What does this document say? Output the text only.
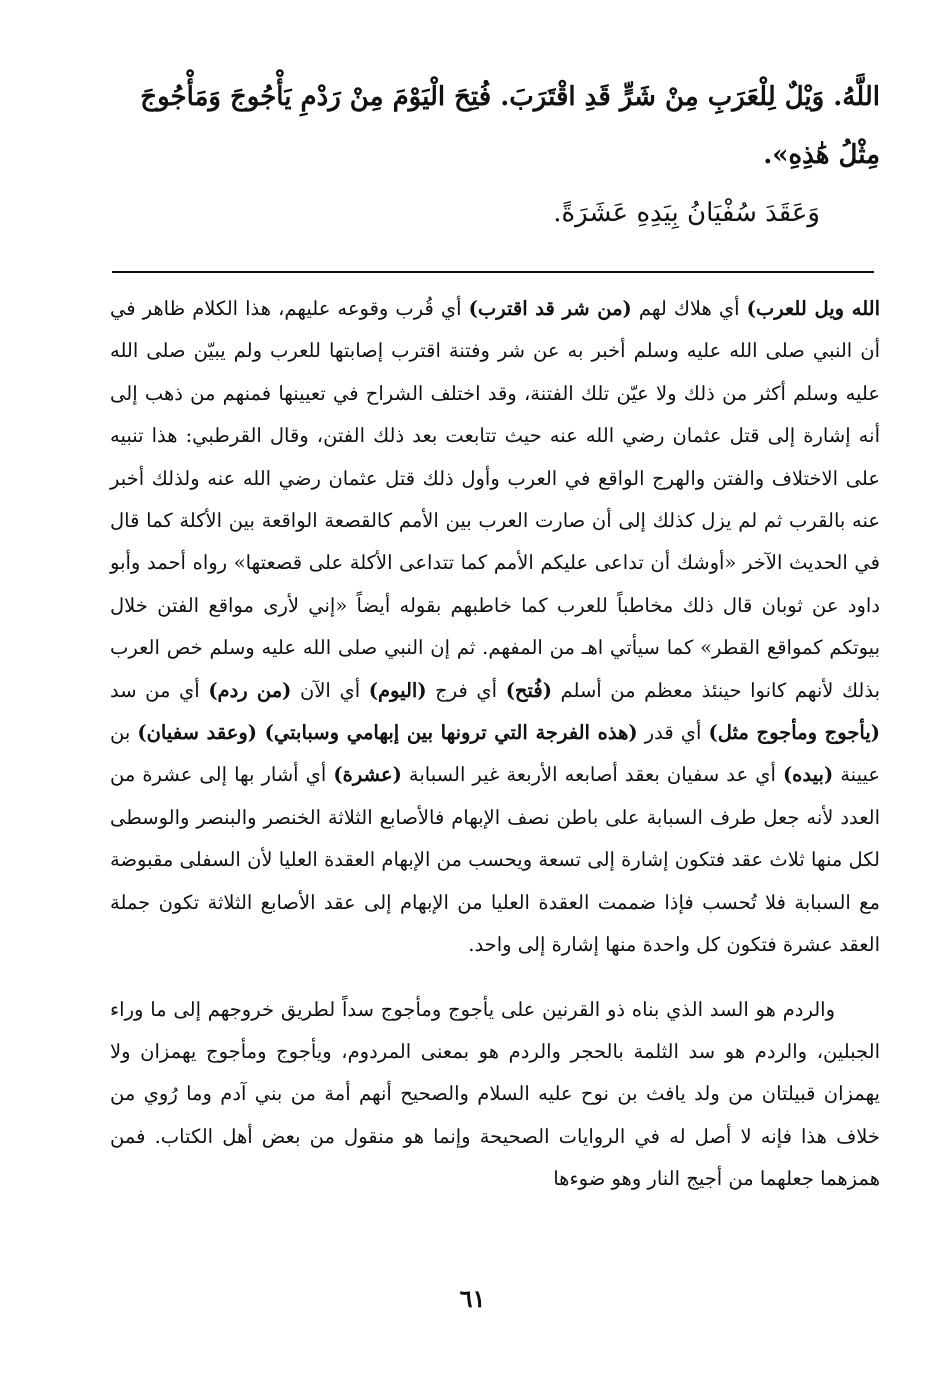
اللَّهُ. وَيْلٌ لِلْعَرَبِ مِنْ شَرٍّ قَدِ اقْتَرَبَ. فُتِحَ الْيَوْمَ مِنْ رَدْمِ يَأْجُوجَ وَمَأْجُوجَ مِثْلُ هَٰذِهِ».

وَعَقَدَ سُفْيَانُ بِيَدِهِ عَشَرَةً.

الله ويل للعرب) أي هلاك لهم (من شر قد اقترب) أي قُرب وقوعه عليهم، هذا الكلام ظاهر في أن النبي صلى الله عليه وسلم أخبر به عن شر وفتنة اقترب إصابتها للعرب ولم يبيّن صلى الله عليه وسلم أكثر من ذلك ولا عيّن تلك الفتنة، وقد اختلف الشراح في تعيينها فمنهم من ذهب إلى أنه إشارة إلى قتل عثمان رضي الله عنه حيث تتابعت بعد ذلك الفتن، وقال القرطبي: هذا تنبيه على الاختلاف والفتن والهرج الواقع في العرب وأول ذلك قتل عثمان رضي الله عنه ولذلك أخبر عنه بالقرب ثم لم يزل كذلك إلى أن صارت العرب بين الأمم كالقصعة الواقعة بين الأكلة كما قال في الحديث الآخر «أوشك أن تداعى عليكم الأمم كما تتداعى الأكلة على قصعتها» رواه أحمد وأبو داود عن ثوبان قال ذلك مخاطباً للعرب كما خاطبهم بقوله أيضاً «إني لأرى مواقع الفتن خلال بيوتكم كمواقع القطر» كما سيأتي اهـ من المفهم. ثم إن النبي صلى الله عليه وسلم خص العرب بذلك لأنهم كانوا حينئذ معظم من أسلم (فُتح) أي فرج (اليوم) أي الآن (من ردم) أي من سد (يأجوج ومأجوج مثل) أي قدر (هذه الفرجة التي ترونها بين إبهامي وسبابتي) (وعقد سفيان) بن عيينة (بيده) أي عد سفيان بعقد أصابعه الأربعة غير السبابة (عشرة) أي أشار بها إلى عشرة من العدد لأنه جعل طرف السبابة على باطن نصف الإبهام فالأصابع الثلاثة الخنصر والبنصر والوسطى لكل منها ثلاث عقد فتكون إشارة إلى تسعة ويحسب من الإبهام العقدة العليا لأن السفلى مقبوضة مع السبابة فلا تُحسب فإذا ضممت العقدة العليا من الإبهام إلى عقد الأصابع الثلاثة تكون جملة العقد عشرة فتكون كل واحدة منها إشارة إلى واحد.

والردم هو السد الذي بناه ذو القرنين على يأجوج ومأجوج سداً لطريق خروجهم إلى ما وراء الجبلين، والردم هو سد الثلمة بالحجر والردم هو بمعنى المردوم، ويأجوج ومأجوج يهمزان ولا يهمزان قبيلتان من ولد يافث بن نوح عليه السلام والصحيح أنهم أمة من بني آدم وما رُوي من خلاف هذا فإنه لا أصل له في الروايات الصحيحة وإنما هو منقول من بعض أهل الكتاب. فمن همزهما جعلهما من أجيج النار وهو ضوءها

٦١
